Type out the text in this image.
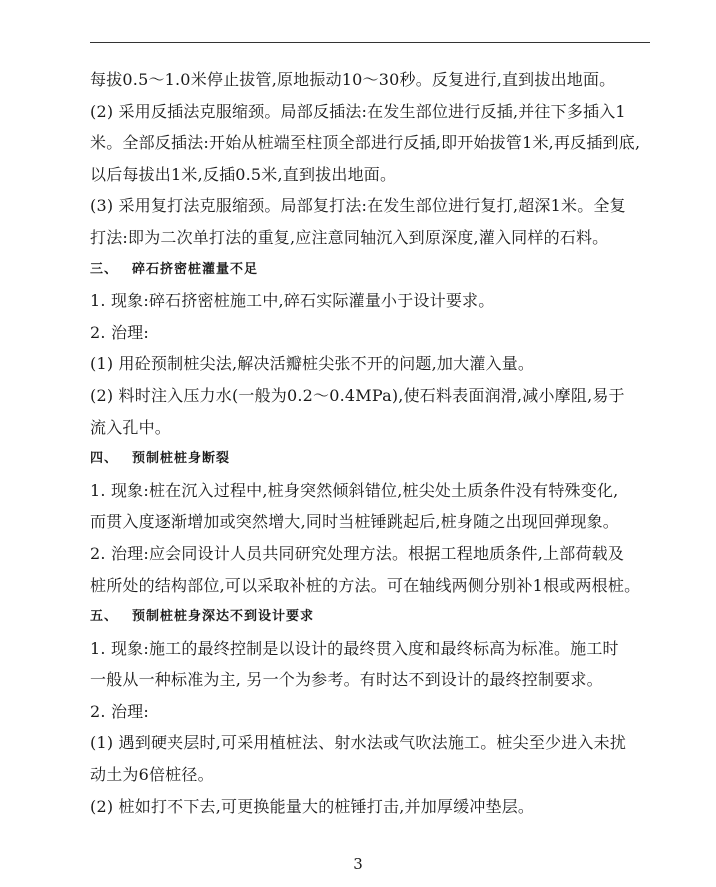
每拔0.5～1.0米停止拔管,原地振动10～30秒。反复进行,直到拔出地面。
(2) 采用反插法克服缩颈。局部反插法:在发生部位进行反插,并往下多插入1
米。全部反插法:开始从桩端至柱顶全部进行反插,即开始拔管1米,再反插到底,
以后每拔出1米,反插0.5米,直到拔出地面。
(3) 采用复打法克服缩颈。局部复打法:在发生部位进行复打,超深1米。全复
打法:即为二次单打法的重复,应注意同轴沉入到原深度,灌入同样的石料。
三、 碎石挤密桩灌量不足
1. 现象:碎石挤密桩施工中,碎石实际灌量小于设计要求。
2. 治理:
(1) 用砼预制桩尖法,解决活瓣桩尖张不开的问题,加大灌入量。
(2) 料时注入压力水(一般为0.2～0.4MPa),使石料表面润滑,减小摩阻,易于
流入孔中。
四、 预制桩桩身断裂
1. 现象:桩在沉入过程中,桩身突然倾斜错位,桩尖处土质条件没有特殊变化,
而贯入度逐渐增加或突然增大,同时当桩锤跳起后,桩身随之出现回弹现象。
2. 治理:应会同设计人员共同研究处理方法。根据工程地质条件,上部荷载及
桩所处的结构部位,可以采取补桩的方法。可在轴线两侧分别补1根或两根桩。
五、 预制桩桩身深达不到设计要求
1. 现象:施工的最终控制是以设计的最终贯入度和最终标高为标准。施工时
一般从一种标准为主, 另一个为参考。有时达不到设计的最终控制要求。
2. 治理:
(1) 遇到硬夹层时,可采用植桩法、射水法或气吹法施工。桩尖至少进入未扰
动土为6倍桩径。
(2) 桩如打不下去,可更换能量大的桩锤打击,并加厚缓冲垫层。
3
